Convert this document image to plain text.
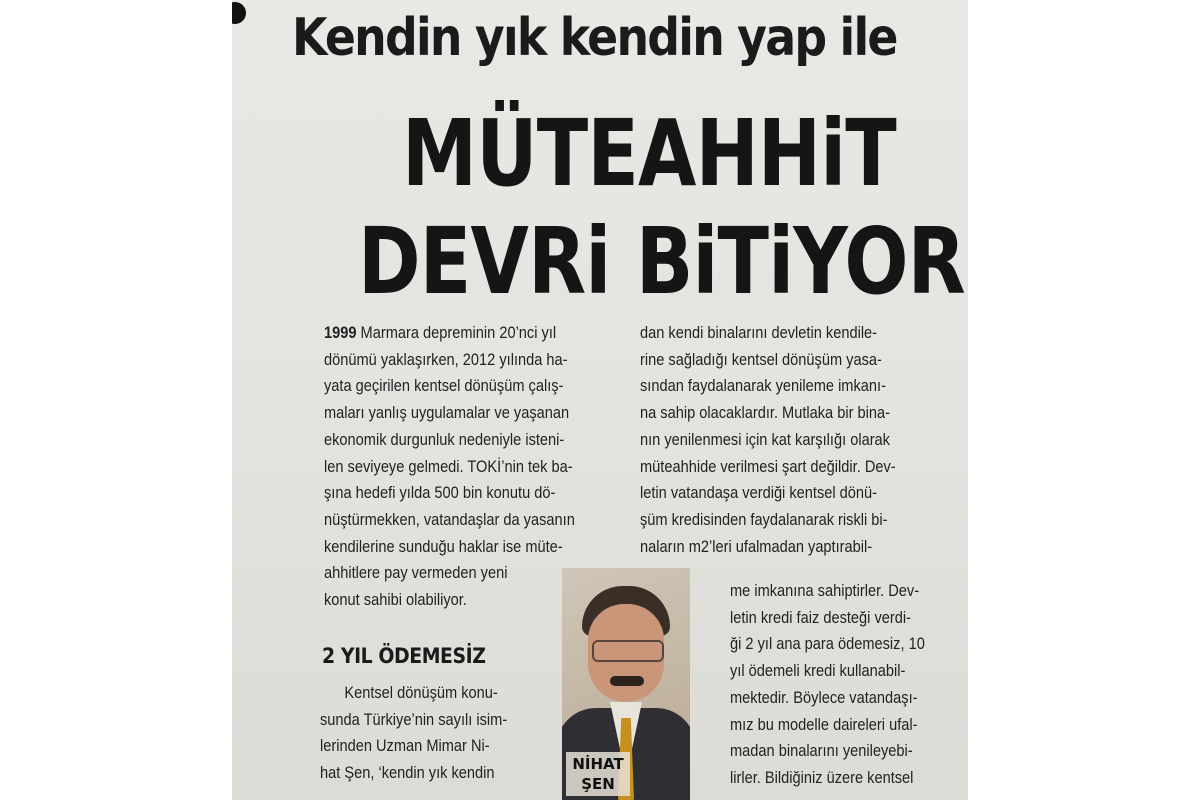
Kendin yık kendin yap ile
MÜTEAHHiT
DEVRi BiTiYOR
1999 Marmara depreminin 20’nci yıl
dönümü yaklaşırken, 2012 yılında ha-
yata geçirilen kentsel dönüşüm çalış-
maları yanlış uygulamalar ve yaşanan
ekonomik durgunluk nedeniyle isteni-
len seviyeye gelmedi. TOKİ’nin tek ba-
şına hedefi yılda 500 bin konutu dö-
nüştürmekken, vatandaşlar da yasanın
kendilerine sunduğu haklar ise müte-
ahhitlere pay vermeden yeni
konut sahibi olabiliyor.
2 YIL ÖDEMESİZ
Kentsel dönüşüm konu-
sunda Türkiye’nin sayılı isim-
lerinden Uzman Mimar Ni-
hat Şen, ‘kendin yık kendin
dan kendi binalarını devletin kendile-
rine sağladığı kentsel dönüşüm yasa-
sından faydalanarak yenileme imkanı-
na sahip olacaklardır. Mutlaka bir bina-
nın yenilenmesi için kat karşılığı olarak
müteahhide verilmesi şart değildir. Dev-
letin vatandaşa verdiği kentsel dönü-
şüm kredisinden faydalanarak riskli bi-
naların m2’leri ufalmadan yaptırabil-
me imkanına sahiptirler. Dev-
letin kredi faiz desteği verdi-
ği 2 yıl ana para ödemesiz, 10
yıl ödemeli kredi kullanabil-
mektedir. Böylece vatandaşı-
mız bu modelle daireleri ufal-
madan binalarını yenileyebi-
lirler. Bildiğiniz üzere kentsel
NİHAT
ŞEN
